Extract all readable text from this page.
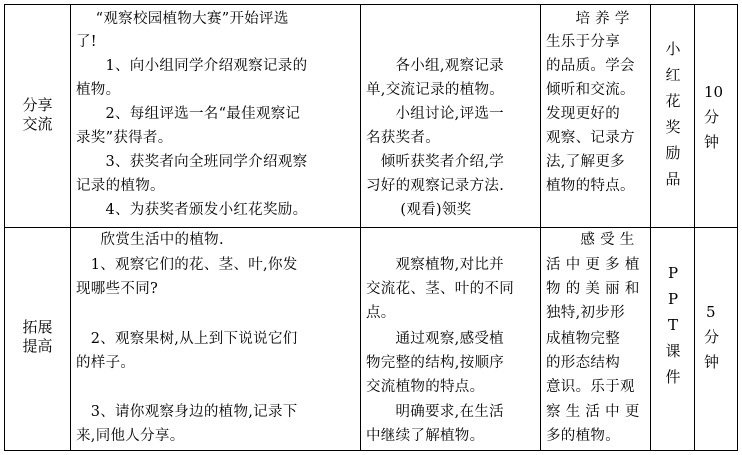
分享
交流
“观察校园植物大赛”开始评选
了!
1、向小组同学介绍观察记录的
植物。
2、每组评选一名“最佳观察记
录奖”获得者。
3、获奖者向全班同学介绍观察
记录的植物。
4、为获奖者颁发小红花奖励。
各小组,观察记录
单,交流记录的植物。
小组讨论,评选一
名获奖者。
倾听获奖者介绍,学
习好的观察记录方法.
(观看)领奖
培 养 学
生乐于分享
的品质。学会
倾听和交流。
发现更好的
观察、记录方
法,了解更多
植物的特点。
小
红
花
奖
励
品
10
分
钟
拓展
提高
欣赏生活中的植物.
1、观察它们的花、茎、叶,你发
现哪些不同?
2、观察果树,从上到下说说它们
的样子。
3、请你观察身边的植物,记录下
来,同他人分享。
观察植物,对比并
交流花、茎、叶的不同
点。
通过观察,感受植
物完整的结构,按顺序
交流植物的特点。
明确要求,在生活
中继续了解植物。
感 受 生
活 中 更 多 植
物 的 美 丽 和
独特,初步形
成植物完整
的形态结构
意识。乐于观
察 生 活 中 更
多的植物。
P
P
T
课
件
5
分
钟
